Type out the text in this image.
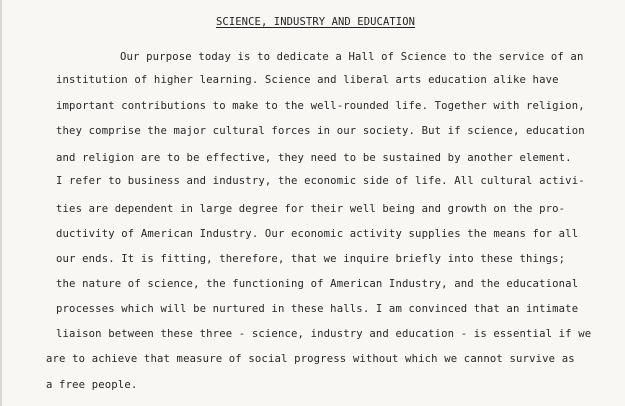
SCIENCE, INDUSTRY AND EDUCATION
Our purpose today is to dedicate a Hall of Science to the service of an
institution of higher learning. Science and liberal arts education alike have
important contributions to make to the well-rounded life. Together with religion,
they comprise the major cultural forces in our society. But if science, education
and religion are to be effective, they need to be sustained by another element.
I refer to business and industry, the economic side of life. All cultural activi-
ties are dependent in large degree for their well being and growth on the pro-
ductivity of American Industry. Our economic activity supplies the means for all
our ends. It is fitting, therefore, that we inquire briefly into these things;
the nature of science, the functioning of American Industry, and the educational
processes which will be nurtured in these halls. I am convinced that an intimate
liaison between these three - science, industry and education - is essential if we
are to achieve that measure of social progress without which we cannot survive as
a free people.
